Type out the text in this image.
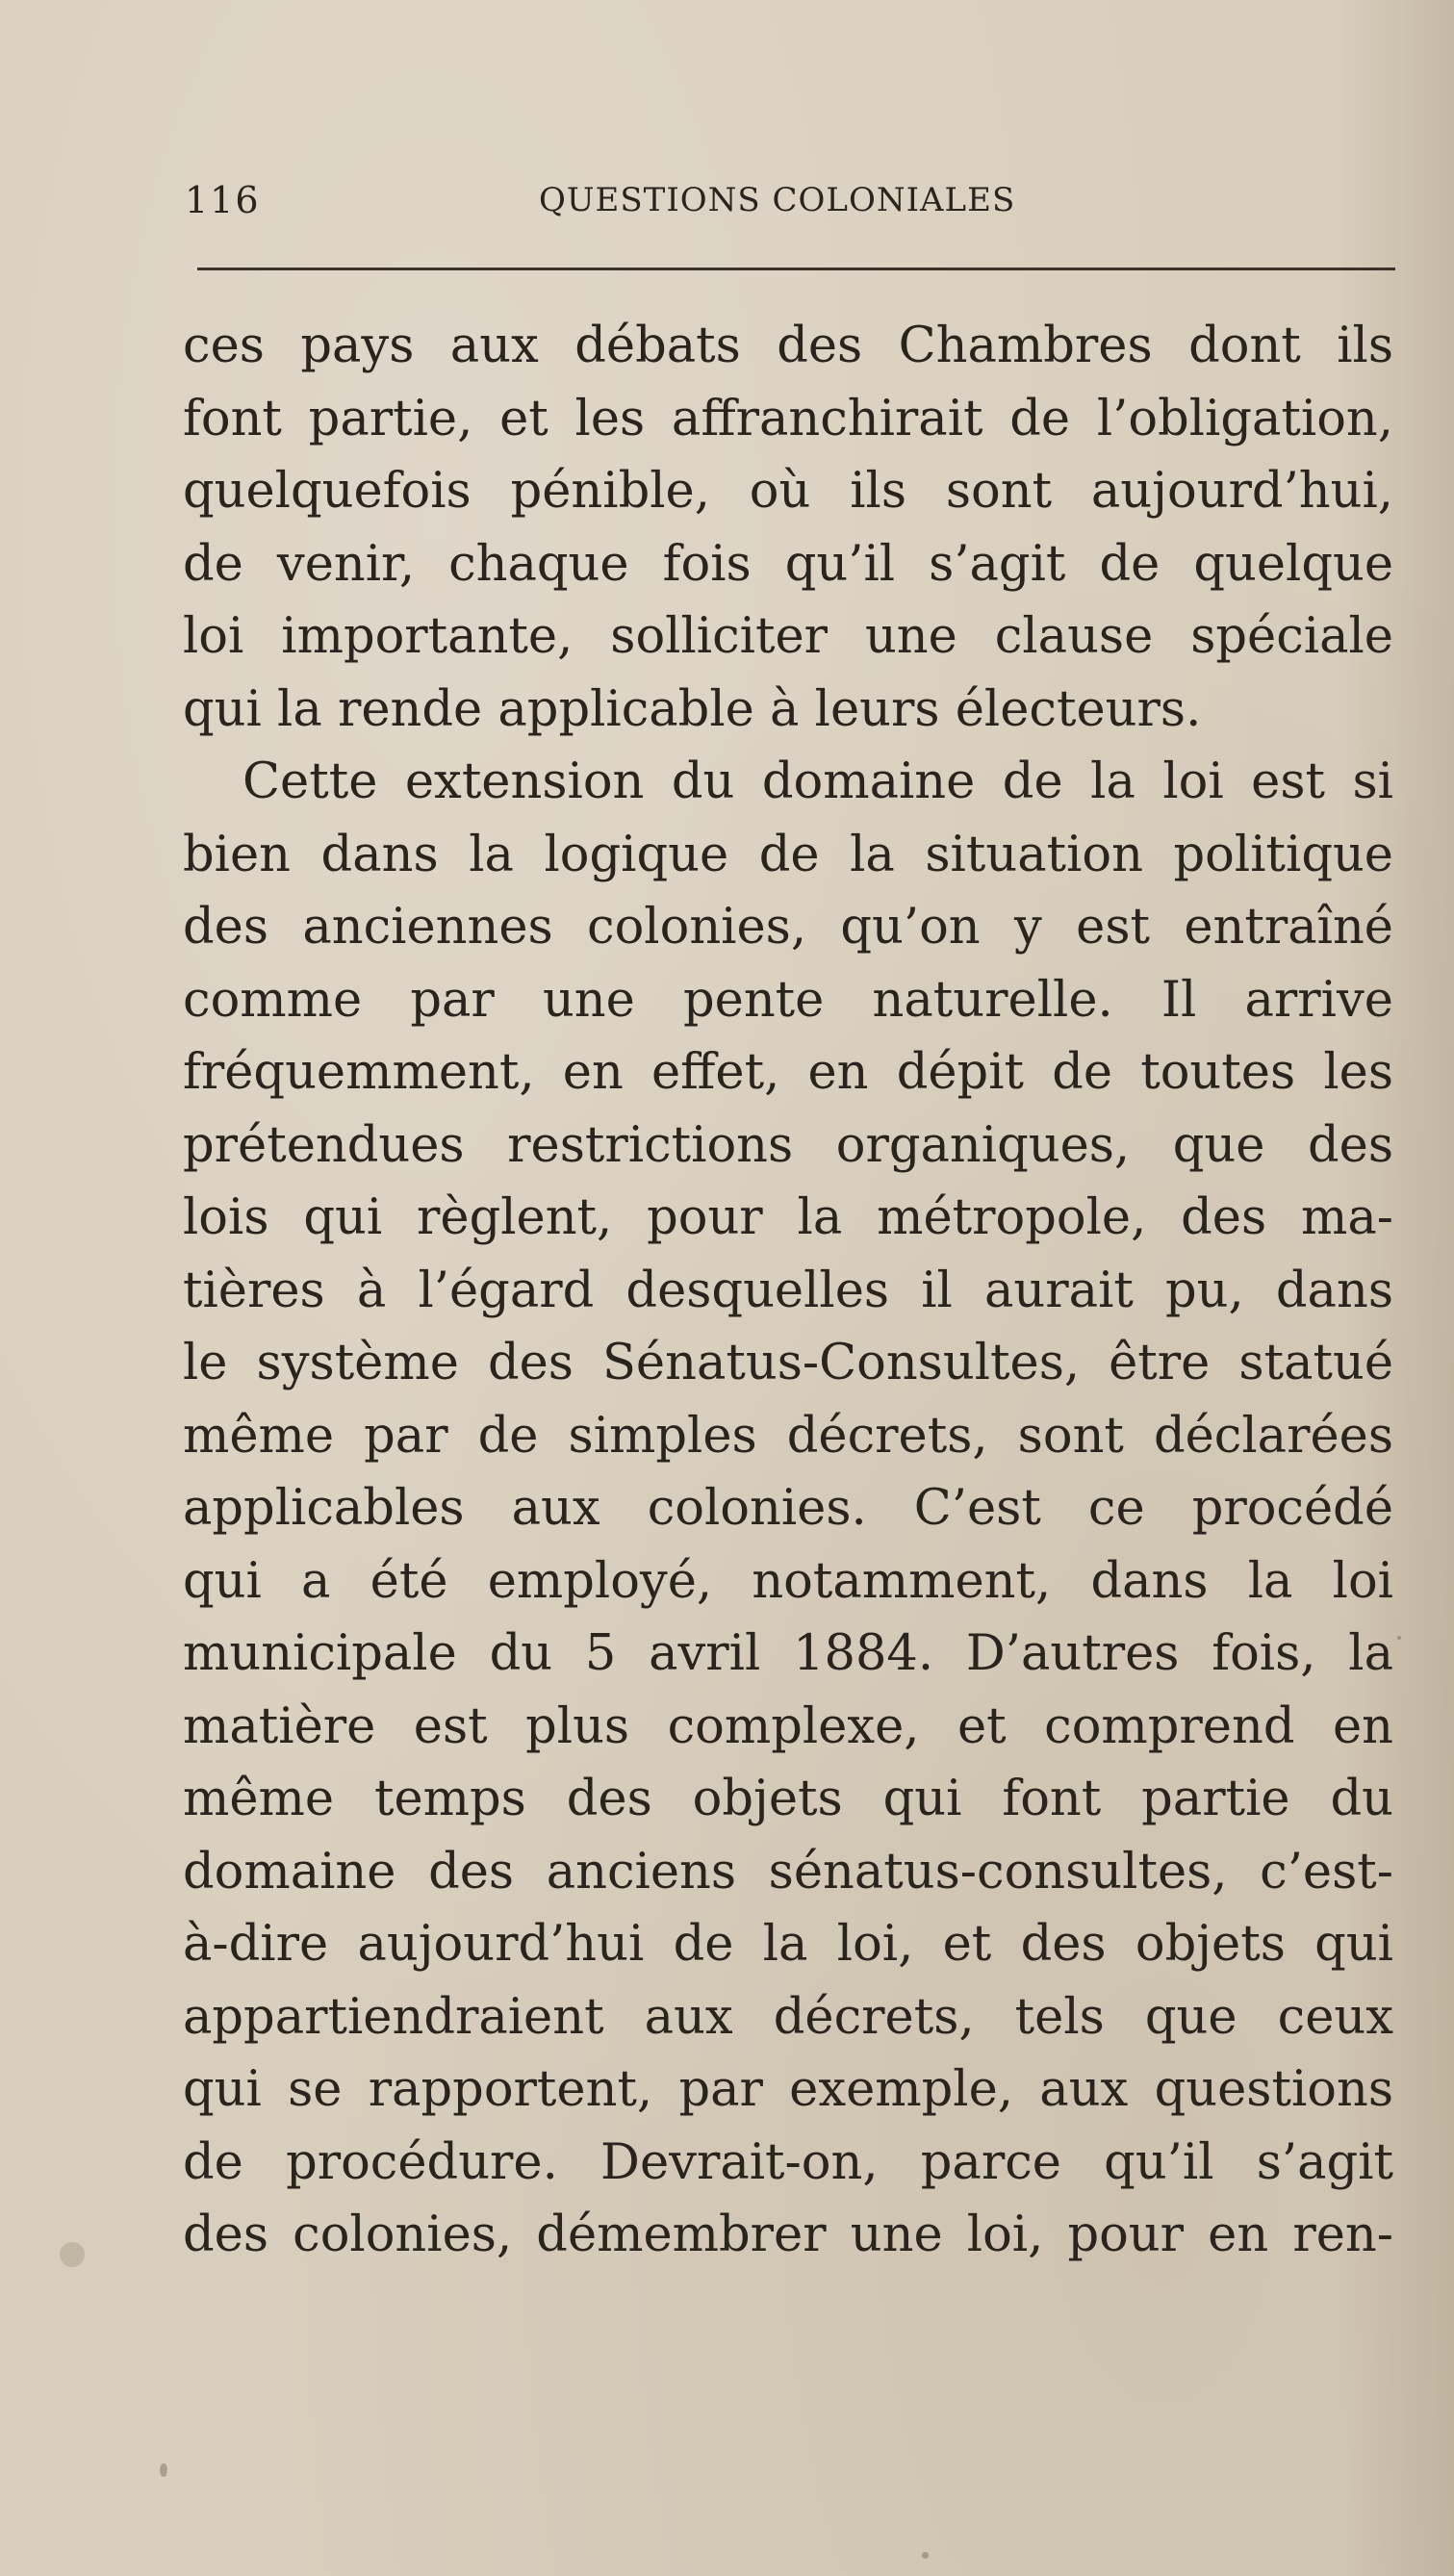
116	QUESTIONS COLONIALES
ces pays aux débats des Chambres dont ils
font partie, et les affranchirait de l’obligation,
quelquefois pénible, où ils sont aujourd’hui,
de venir, chaque fois qu’il s’agit de quelque
loi importante, solliciter une clause spéciale
qui la rende applicable à leurs électeurs.
Cette extension du domaine de la loi est si
bien dans la logique de la situation politique
des anciennes colonies, qu’on y est entraîné
comme par une pente naturelle. Il arrive
fréquemment, en effet, en dépit de toutes les
prétendues restrictions organiques, que des
lois qui règlent, pour la métropole, des ma-
tières à l’égard desquelles il aurait pu, dans
le système des Sénatus-Consultes, être statué
même par de simples décrets, sont déclarées
applicables aux colonies. C’est ce procédé
qui a été employé, notamment, dans la loi
municipale du 5 avril 1884. D’autres fois, la
matière est plus complexe, et comprend en
même temps des objets qui font partie du
domaine des anciens sénatus-consultes, c’est-
à-dire aujourd’hui de la loi, et des objets qui
appartiendraient aux décrets, tels que ceux
qui se rapportent, par exemple, aux questions
de procédure. Devrait-on, parce qu’il s’agit
des colonies, démembrer une loi, pour en ren-
